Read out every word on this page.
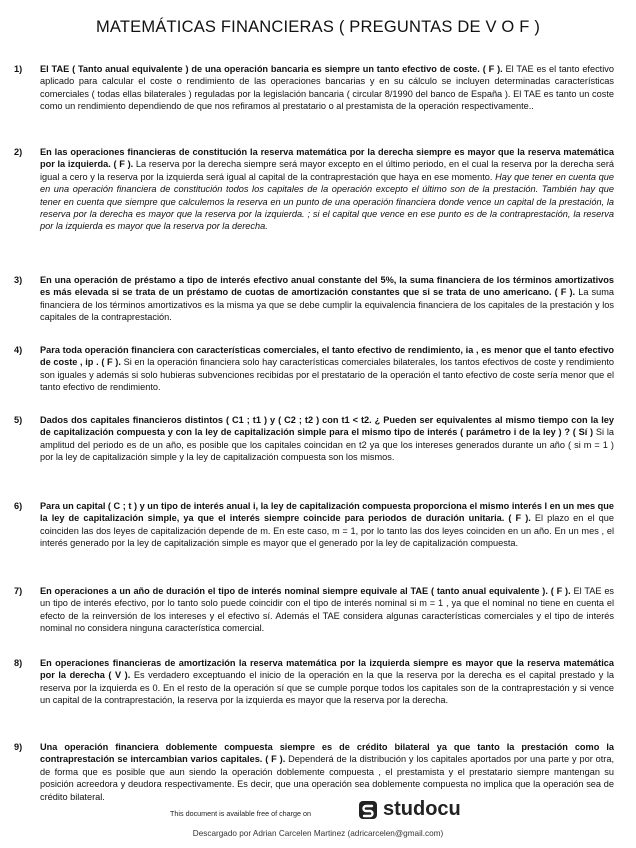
MATEMÁTICAS FINANCIERAS ( PREGUNTAS DE V O F )
1)	El TAE ( Tanto anual equivalente ) de una operación bancaria es siempre un tanto efectivo de coste. ( F ). El TAE es el tanto efectivo aplicado para calcular el coste o rendimiento de las operaciones bancarias y en su cálculo se incluyen determinadas características comerciales ( todas ellas bilaterales ) reguladas por la legislación bancaria ( circular 8/1990 del banco de España ). El TAE es tanto un coste como un rendimiento dependiendo de que nos refiramos al prestatario o al prestamista de la operación respectivamente..
2)	En las operaciones financieras de constitución la reserva matemática por la derecha siempre es mayor que la reserva matemática por la izquierda. ( F ). La reserva por la derecha siempre será mayor excepto en el último periodo, en el cual la reserva por la derecha será igual a cero y la reserva por la izquierda será igual al capital de la contraprestación que haya en ese momento. Hay que tener en cuenta que en una operación financiera de constitución todos los capitales de la operación excepto el último son de la prestación. También hay que tener en cuenta que siempre que calculemos la reserva en un punto de una operación financiera donde vence un capital de la prestación, la reserva por la derecha es mayor que la reserva por la izquierda. ; si el capital que vence en ese punto es de la contraprestación, la reserva por la izquierda es mayor que la reserva por la derecha.
3)	En una operación de préstamo a tipo de interés efectivo anual constante del 5%, la suma financiera de los términos amortizativos es más elevada si se trata de un préstamo de cuotas de amortización constantes que si se trata de uno americano. ( F ). La suma financiera de los términos amortizativos es la misma ya que se debe cumplir la equivalencia financiera de los capitales de la prestación y los capitales de la contraprestación.
4)	Para toda operación financiera con características comerciales, el tanto efectivo de rendimiento, ia , es menor que el tanto efectivo de coste , ip . ( F ). Si en la operación financiera solo hay características comerciales bilaterales, los tantos efectivos de coste y rendimiento son iguales y además si solo hubieras subvenciones recibidas por el prestatario de la operación el tanto efectivo de coste sería menor que el tanto efectivo de rendimiento.
5)	Dados dos capitales financieros distintos ( C1 ; t1 ) y ( C2 ; t2 ) con t1 < t2. ¿ Pueden ser equivalentes al mismo tiempo con la ley de capitalización compuesta y con la ley de capitalización simple para el mismo tipo de interés ( parámetro i de la ley ) ? ( Sí ) Si la amplitud del periodo es de un año, es posible que los capitales coincidan en t2 ya que los intereses generados durante un año ( si m = 1 ) por la ley de capitalización simple y la ley de capitalización compuesta son los mismos.
6)	Para un capital ( C ; t ) y un tipo de interés anual i, la ley de capitalización compuesta proporciona el mismo interés I en un mes que la ley de capitalización simple, ya que el interés siempre coincide para periodos de duración unitaria. ( F ). El plazo en el que coinciden las dos leyes de capitalización depende de m. En este caso, m = 1, por lo tanto las dos leyes coinciden en un año. En un mes , el interés generado por la ley de capitalización simple es mayor que el generado por la ley de capitalización compuesta.
7)	En operaciones a un año de duración el tipo de interés nominal siempre equivale al TAE ( tanto anual equivalente ). ( F ). El TAE es un tipo de interés efectivo, por lo tanto solo puede coincidir con el tipo de interés nominal si m = 1 , ya que el nominal no tiene en cuenta el efecto de la reinversión de los intereses y el efectivo sí. Además el TAE considera algunas características comerciales y el tipo de interés nominal no considera ninguna característica comercial.
8)	En operaciones financieras de amortización la reserva matemática por la izquierda siempre es mayor que la reserva matemática por la derecha ( V ). Es verdadero exceptuando el inicio de la operación en la que la reserva por la derecha es el capital prestado y la reserva por la izquierda es 0. En el resto de la operación sí que se cumple porque todos los capitales son de la contraprestación y si vence un capital de la contraprestación, la reserva por la izquierda es mayor que la reserva por la derecha.
9)	Una operación financiera doblemente compuesta siempre es de crédito bilateral ya que tanto la prestación como la contraprestación se intercambian varios capitales. ( F ). Dependerá de la distribución y los capitales aportados por una parte y por otra, de forma que es posible que aun siendo la operación doblemente compuesta , el prestamista y el prestatario siempre mantengan su posición acreedora y deudora respectivamente. Es decir, que una operación sea doblemente compuesta no implica que la operación sea de crédito bilateral.
This document is available free of charge on	studocu
Descargado por Adrian Carcelen Martinez (adricarcelen@gmail.com)
